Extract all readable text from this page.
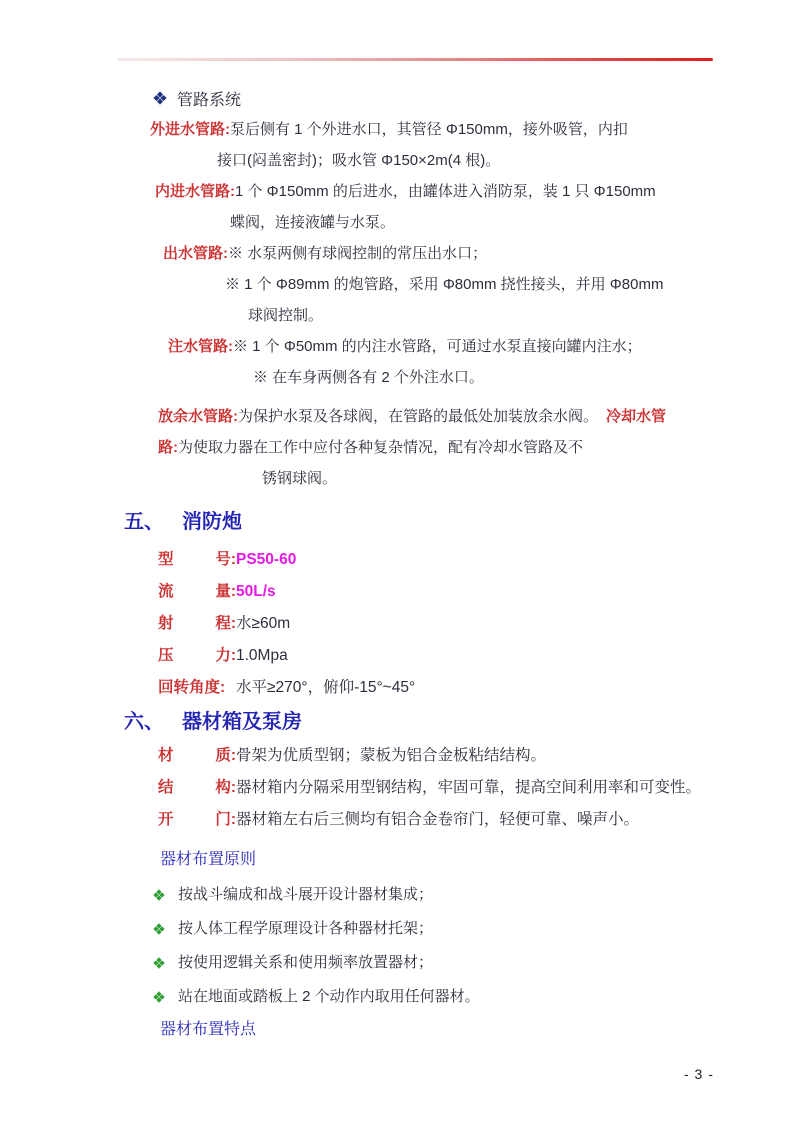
管路系统
外进水管路:泵后侧有 1 个外进水口，其管径 Φ150mm，接外吸管，内扣
接口(闷盖密封)；吸水管 Φ150×2m(4 根)。
内进水管路:1 个 Φ150mm 的后进水，由罐体进入消防泵，装 1 只 Φ150mm
蝶阀，连接液罐与水泵。
出水管路:※ 水泵两侧有球阀控制的常压出水口；
※ 1 个 Φ89mm 的炮管路，采用 Φ80mm 挠性接头，并用 Φ80mm
球阀控制。
注水管路:※ 1 个 Φ50mm 的内注水管路，可通过水泵直接向罐内注水；
※ 在车身两侧各有 2 个外注水口。
放余水管路:为保护水泵及各球阀，在管路的最低处加装放余水阀。 冷却水管
路:为使取力器在工作中应付各种复杂情况，配有冷却水管路及不
锈钢球阀。
五、 消防炮
型	号: PS50-60
流	量: 50L/s
射	程: 水≥60m
压	力: 1.0Mpa
回转角度: 水平≥270°，俯仰-15°~45°
六、 器材箱及泵房
材	质: 骨架为优质型钢；蒙板为铝合金板粘结结构。
结	构: 器材箱内分隔采用型钢结构，牢固可靠，提高空间利用率和可变性。
开	门: 器材箱左右后三侧均有铝合金卷帘门，轻便可靠、噪声小。
器材布置原则
按战斗编成和战斗展开设计器材集成；
按人体工程学原理设计各种器材托架；
按使用逻辑关系和使用频率放置器材；
站在地面或踏板上 2 个动作内取用任何器材。
器材布置特点
- 3 -
